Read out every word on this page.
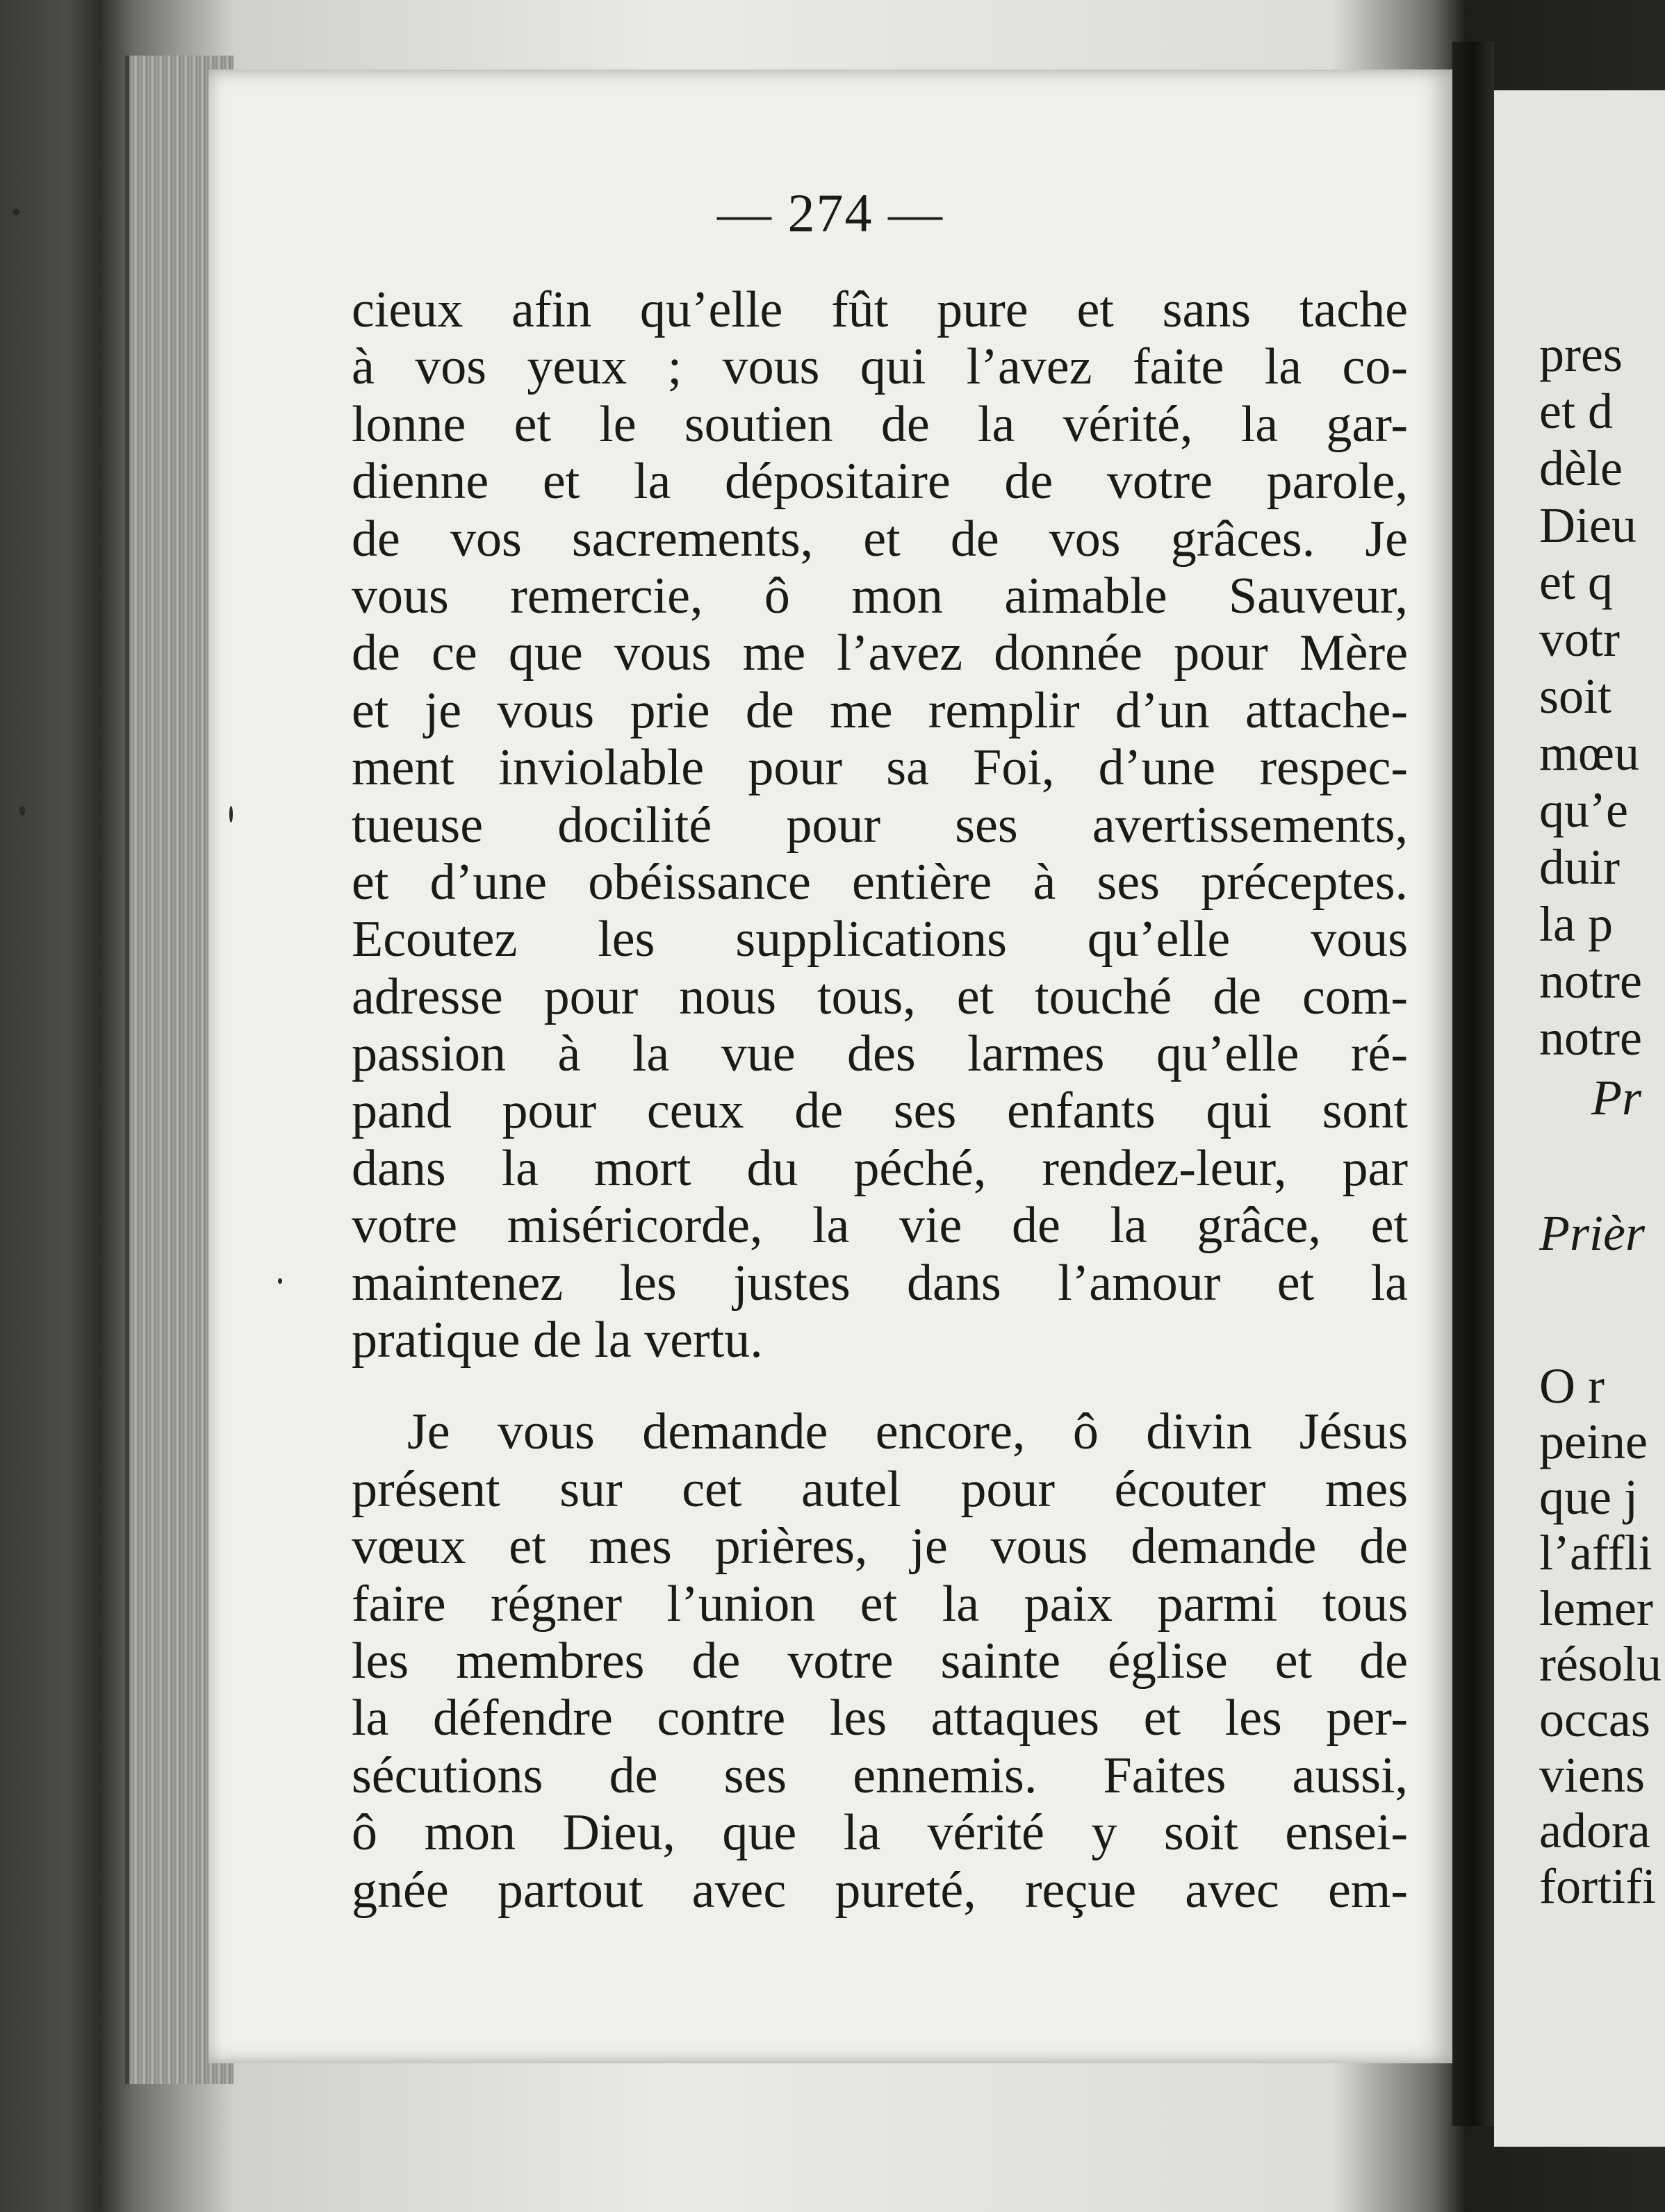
— 274 —
cieux afin qu’elle fût pure et sans tache
à vos yeux ; vous qui l’avez faite la co-
lonne et le soutien de la vérité, la gar-
dienne et la dépositaire de votre parole,
de vos sacrements, et de vos grâces. Je
vous remercie, ô mon aimable Sauveur,
de ce que vous me l’avez donnée pour Mère
et je vous prie de me remplir d’un attache-
ment inviolable pour sa Foi, d’une respec-
tueuse docilité pour ses avertissements,
et d’une obéissance entière à ses préceptes.
Ecoutez les supplications qu’elle vous
adresse pour nous tous, et touché de com-
passion à la vue des larmes qu’elle ré-
pand pour ceux de ses enfants qui sont
dans la mort du péché, rendez-leur, par
votre miséricorde, la vie de la grâce, et
maintenez les justes dans l’amour et la
pratique de la vertu.
Je vous demande encore, ô divin Jésus
présent sur cet autel pour écouter mes
vœux et mes prières, je vous demande de
faire régner l’union et la paix parmi tous
les membres de votre sainte église et de
la défendre contre les attaques et les per-
sécutions de ses ennemis. Faites aussi,
ô mon Dieu, que la vérité y soit ensei-
gnée partout avec pureté, reçue avec em-
pres
et d
dèle
Dieu
et q
votr
soit
mœu
qu’e
duir
la p
notre
notre
Pr
Prièr
O r
peine
que j
l’affli
lemer
résolu
occas
viens
adora
fortifi
